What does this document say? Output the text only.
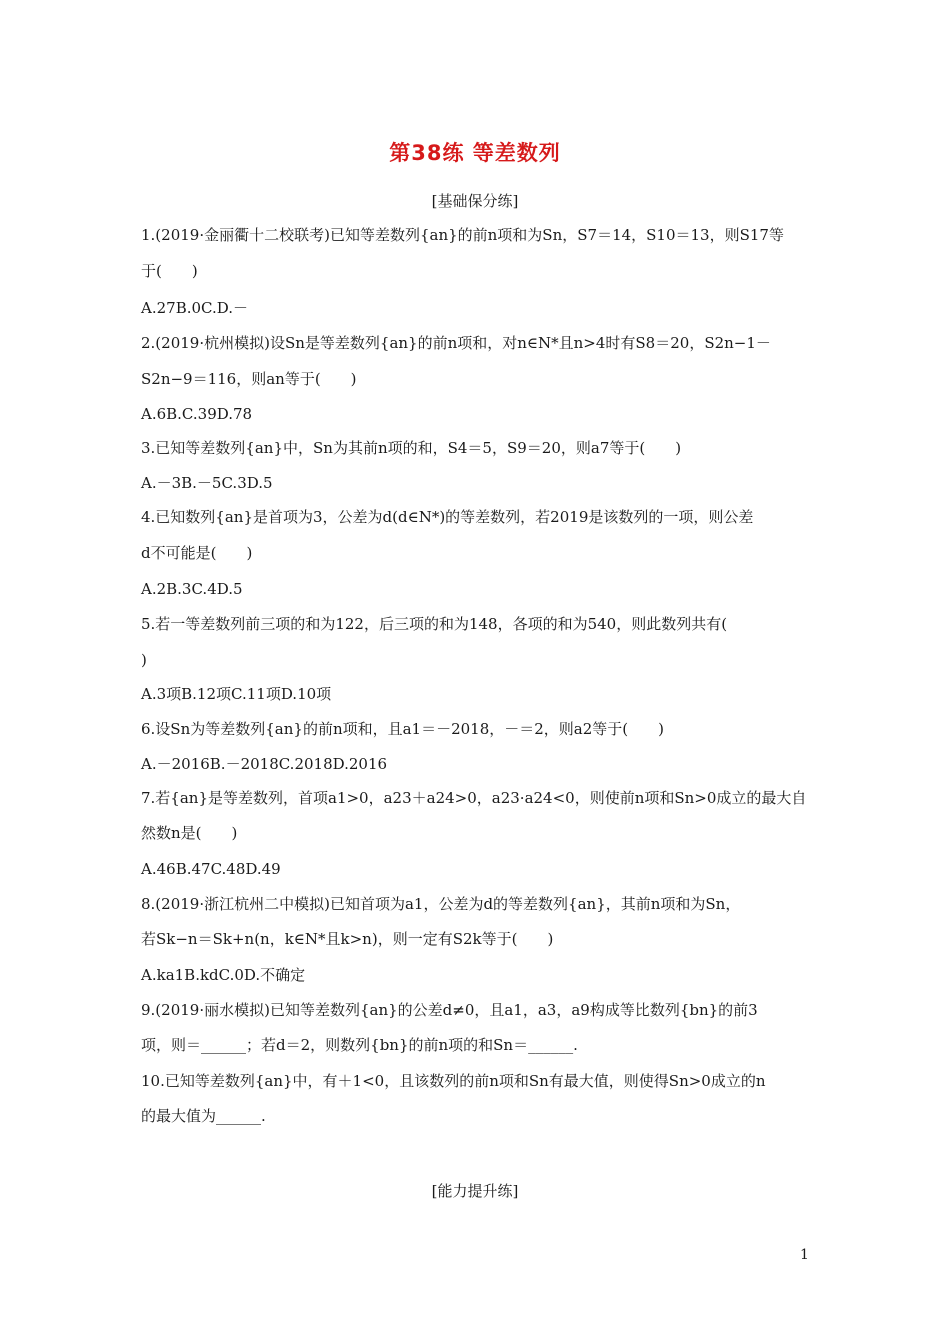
第38练 等差数列
[基础保分练]
1.(2019·金丽衢十二校联考)已知等差数列{an}的前n项和为Sn，S7＝14，S10＝13，则S17等
于(　　)
A.27B.0C.D.－
2.(2019·杭州模拟)设Sn是等差数列{an}的前n项和，对n∈N*且n>4时有S8＝20，S2n−1－
S2n−9＝116，则an等于(　　)
A.6B.C.39D.78
3.已知等差数列{an}中，Sn为其前n项的和，S4＝5，S9＝20，则a7等于(　　)
A.－3B.－5C.3D.5
4.已知数列{an}是首项为3，公差为d(d∈N*)的等差数列，若2019是该数列的一项，则公差
d不可能是(　　)
A.2B.3C.4D.5
5.若一等差数列前三项的和为122，后三项的和为148，各项的和为540，则此数列共有(
)
A.3项B.12项C.11项D.10项
6.设Sn为等差数列{an}的前n项和，且a1＝－2018，－＝2，则a2等于(　　)
A.－2016B.－2018C.2018D.2016
7.若{an}是等差数列，首项a1>0，a23＋a24>0，a23·a24<0，则使前n项和Sn>0成立的最大自
然数n是(　　)
A.46B.47C.48D.49
8.(2019·浙江杭州二中模拟)已知首项为a1，公差为d的等差数列{an}，其前n项和为Sn，
若Sk−n＝Sk+n(n，k∈N*且k>n)，则一定有S2k等于(　　)
A.ka1B.kdC.0D.不确定
9.(2019·丽水模拟)已知等差数列{an}的公差d≠0，且a1，a3，a9构成等比数列{bn}的前3
项，则＝______；若d＝2，则数列{bn}的前n项的和Sn＝______.
10.已知等差数列{an}中，有＋1<0，且该数列的前n项和Sn有最大值，则使得Sn>0成立的n
的最大值为______.
[能力提升练]
1
